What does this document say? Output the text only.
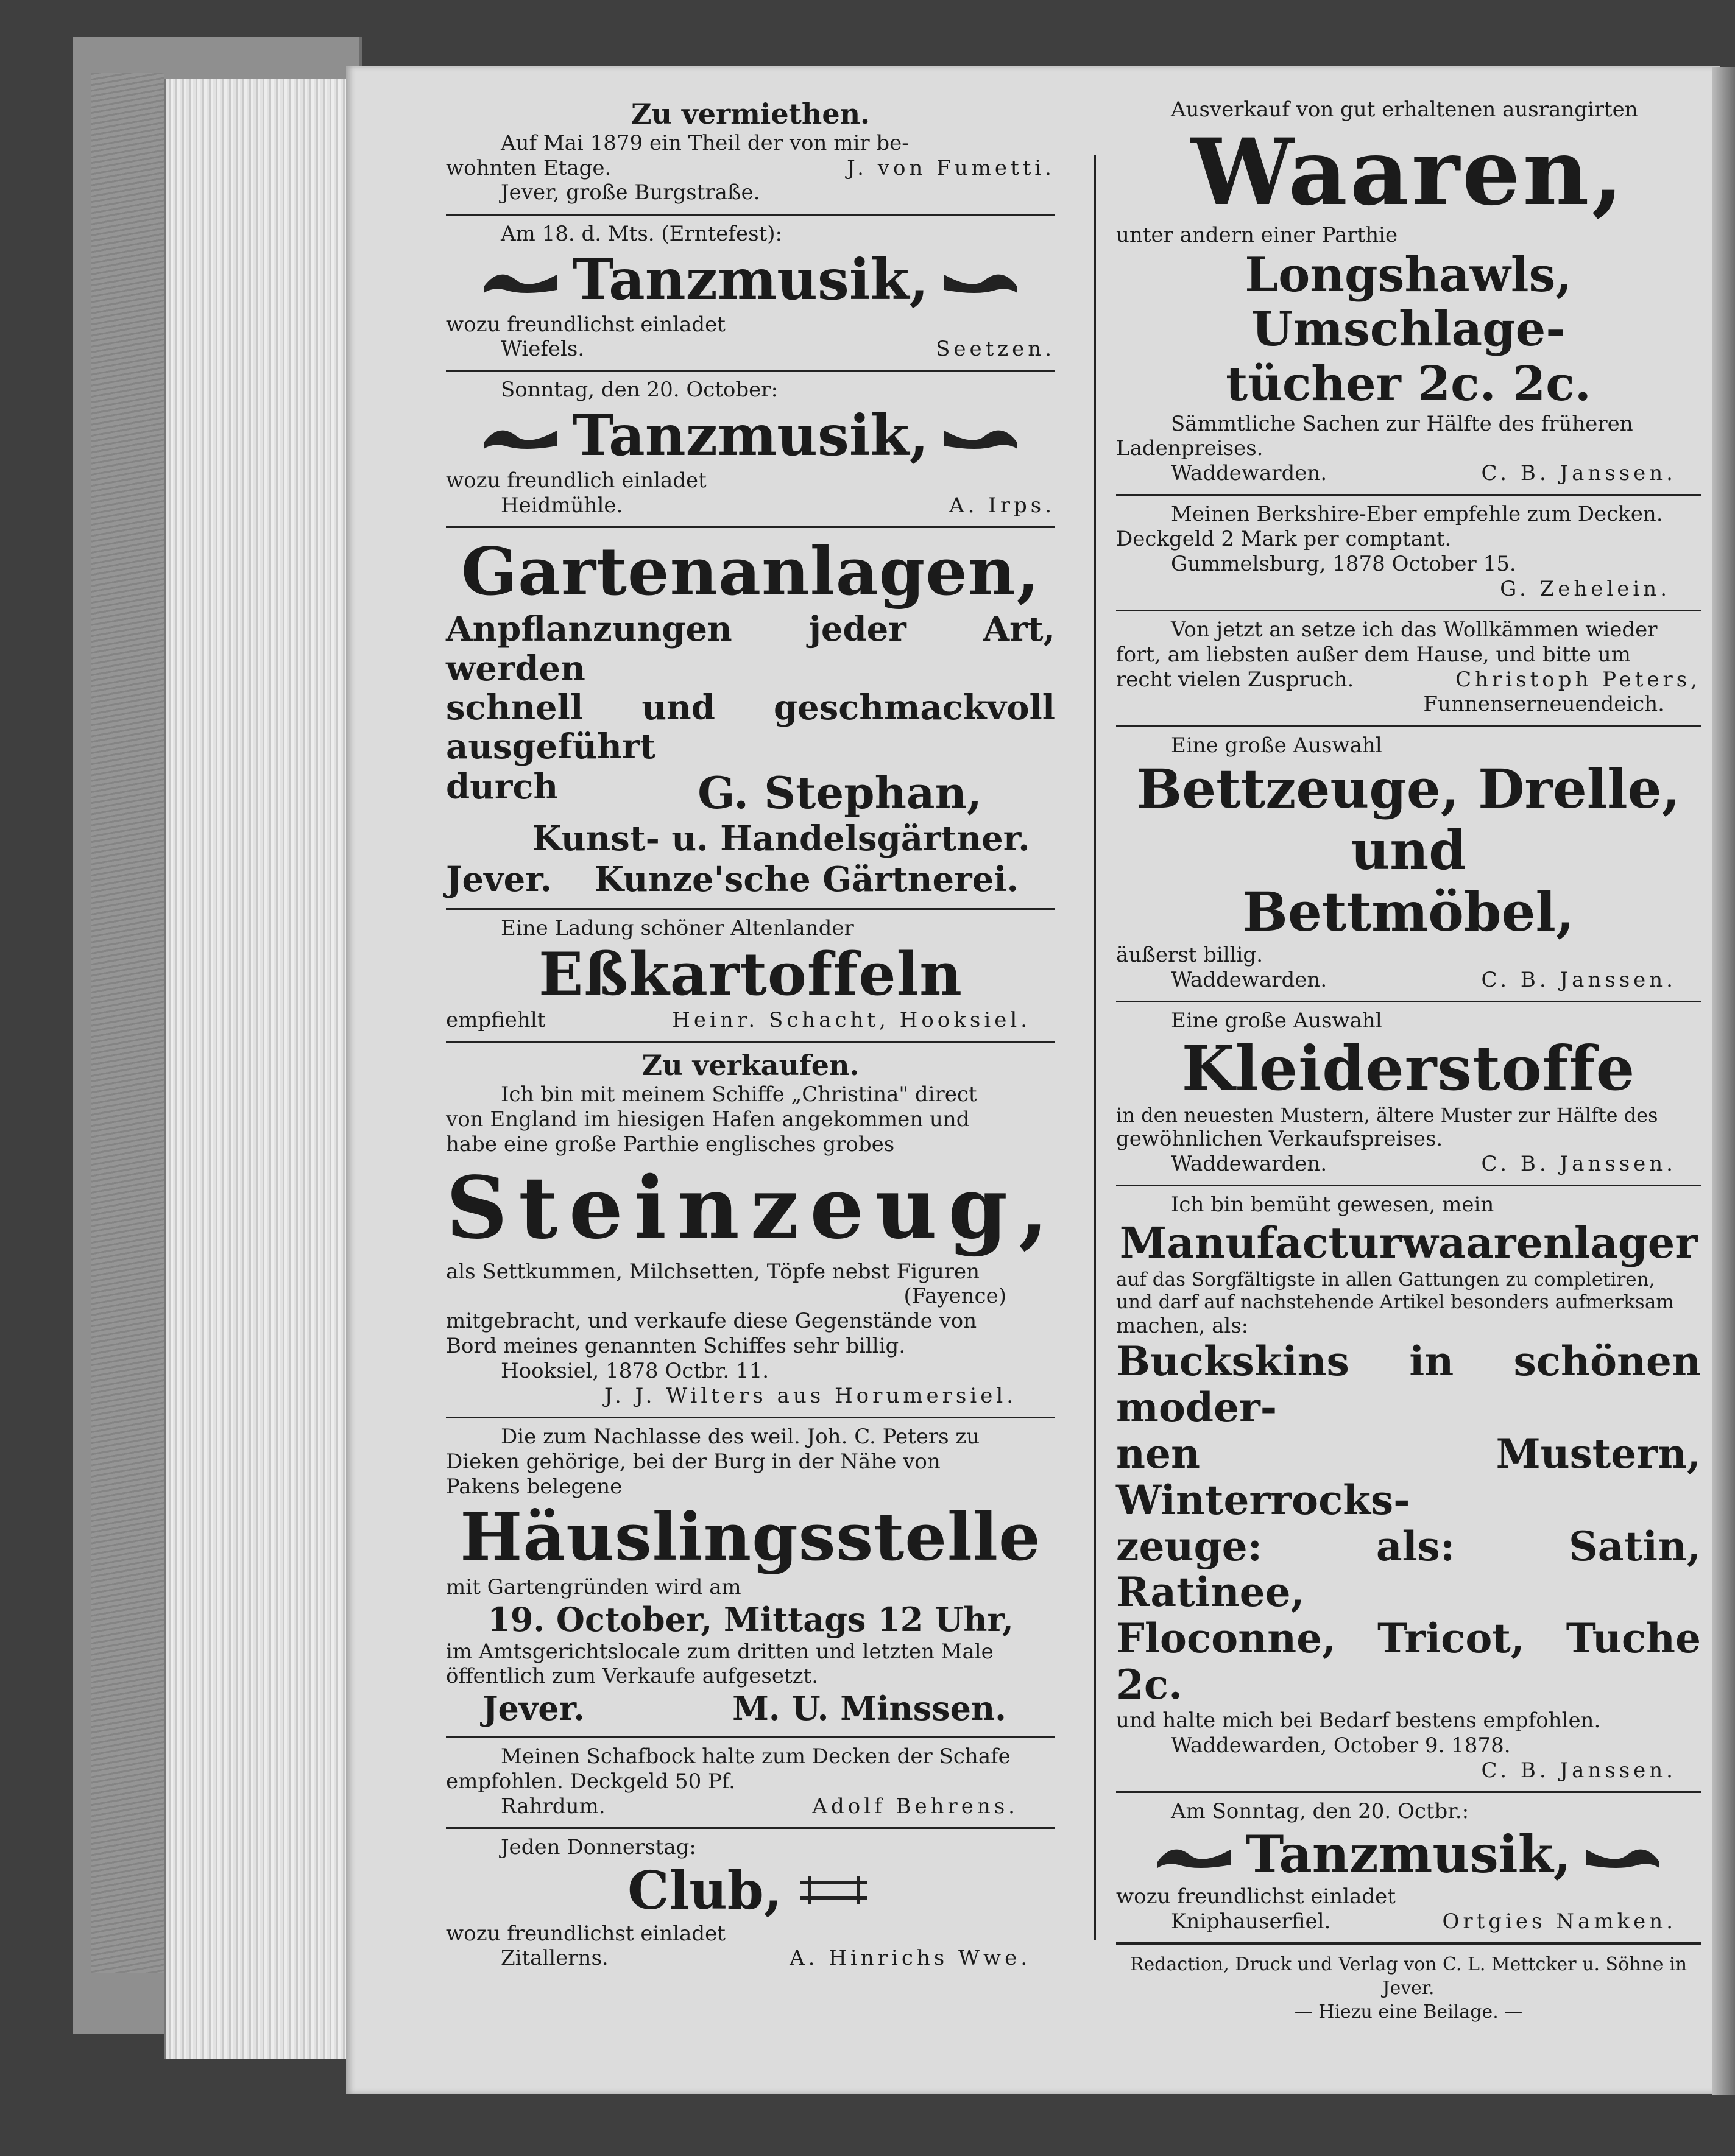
Zu vermiethen.

Auf Mai 1879 ein Theil der von mir be-

wohnten Etage.	J. von Fumetti.

Jever, große Burgstraße.

Am 18. d. Mts. (Erntefest):

Tanzmusik,

wozu freundlichst einladet

Wiefels.	Seetzen.

Sonntag, den 20. October:

Tanzmusik,

wozu freundlich einladet

Heidmühle.	A. Irps.

Gartenanlagen,

Anpflanzungen jeder Art, werden

schnell und geschmackvoll ausgeführt

durch	G. Stephan,

Kunst- u. Handelsgärtner.

Jever. Kunze'sche Gärtnerei.

Eine Ladung schöner Altenlander

Eßkartoffeln

empfiehlt	Heinr. Schacht, Hooksiel.

Zu verkaufen.

Ich bin mit meinem Schiffe „Christina" direct

von England im hiesigen Hafen angekommen und

habe eine große Parthie englisches grobes

Steinzeug,

als Settkummen, Milchsetten, Töpfe nebst Figuren

(Fayence)

mitgebracht, und verkaufe diese Gegenstände von

Bord meines genannten Schiffes sehr billig.

Hooksiel, 1878 Octbr. 11.

J. J. Wilters aus Horumersiel.

Die zum Nachlasse des weil. Joh. C. Peters zu

Dieken gehörige, bei der Burg in der Nähe von

Pakens belegene

Häuslingsstelle

mit Gartengründen wird am

19. October, Mittags 12 Uhr,

im Amtsgerichtslocale zum dritten und letzten Male

öffentlich zum Verkaufe aufgesetzt.

Jever.	M. U. Minssen.

Meinen Schafbock halte zum Decken der Schafe

empfohlen. Deckgeld 50 Pf.

Rahrdum.	Adolf Behrens.

Jeden Donnerstag:

Club,

wozu freundlichst einladet

Zitallerns.	A. Hinrichs Wwe.

Ausverkauf von gut erhaltenen ausrangirten

Waaren,

unter andern einer Parthie

Longshawls, Umschlage-

tücher 2c. 2c.

Sämmtliche Sachen zur Hälfte des früheren

Ladenpreises.

Waddewarden.	C. B. Janssen.

Meinen Berkshire-Eber empfehle zum Decken.

Deckgeld 2 Mark per comptant.

Gummelsburg, 1878 October 15.

G. Zehelein.

Von jetzt an setze ich das Wollkämmen wieder

fort, am liebsten außer dem Hause, und bitte um

recht vielen Zuspruch.	Christoph Peters,

Funnenserneuendeich.

Eine große Auswahl

Bettzeuge, Drelle, und

Bettmöbel,

äußerst billig.

Waddewarden.	C. B. Janssen.

Eine große Auswahl

Kleiderstoffe

in den neuesten Mustern, ältere Muster zur Hälfte des

gewöhnlichen Verkaufspreises.

Waddewarden.	C. B. Janssen.

Ich bin bemüht gewesen, mein

Manufacturwaarenlager

auf das Sorgfältigste in allen Gattungen zu completiren,

und darf auf nachstehende Artikel besonders aufmerksam

machen, als:

Buckskins in schönen moder-

nen Mustern, Winterrocks-

zeuge: als: Satin, Ratinee,

Floconne, Tricot, Tuche 2c.

und halte mich bei Bedarf bestens empfohlen.

Waddewarden, October 9. 1878.

C. B. Janssen.

Am Sonntag, den 20. Octbr.:

Tanzmusik,

wozu freundlichst einladet

Kniphauserfiel.	Ortgies Namken.

Redaction, Druck und Verlag von C. L. Mettcker u. Söhne in Jever.

— Hiezu eine Beilage. —
